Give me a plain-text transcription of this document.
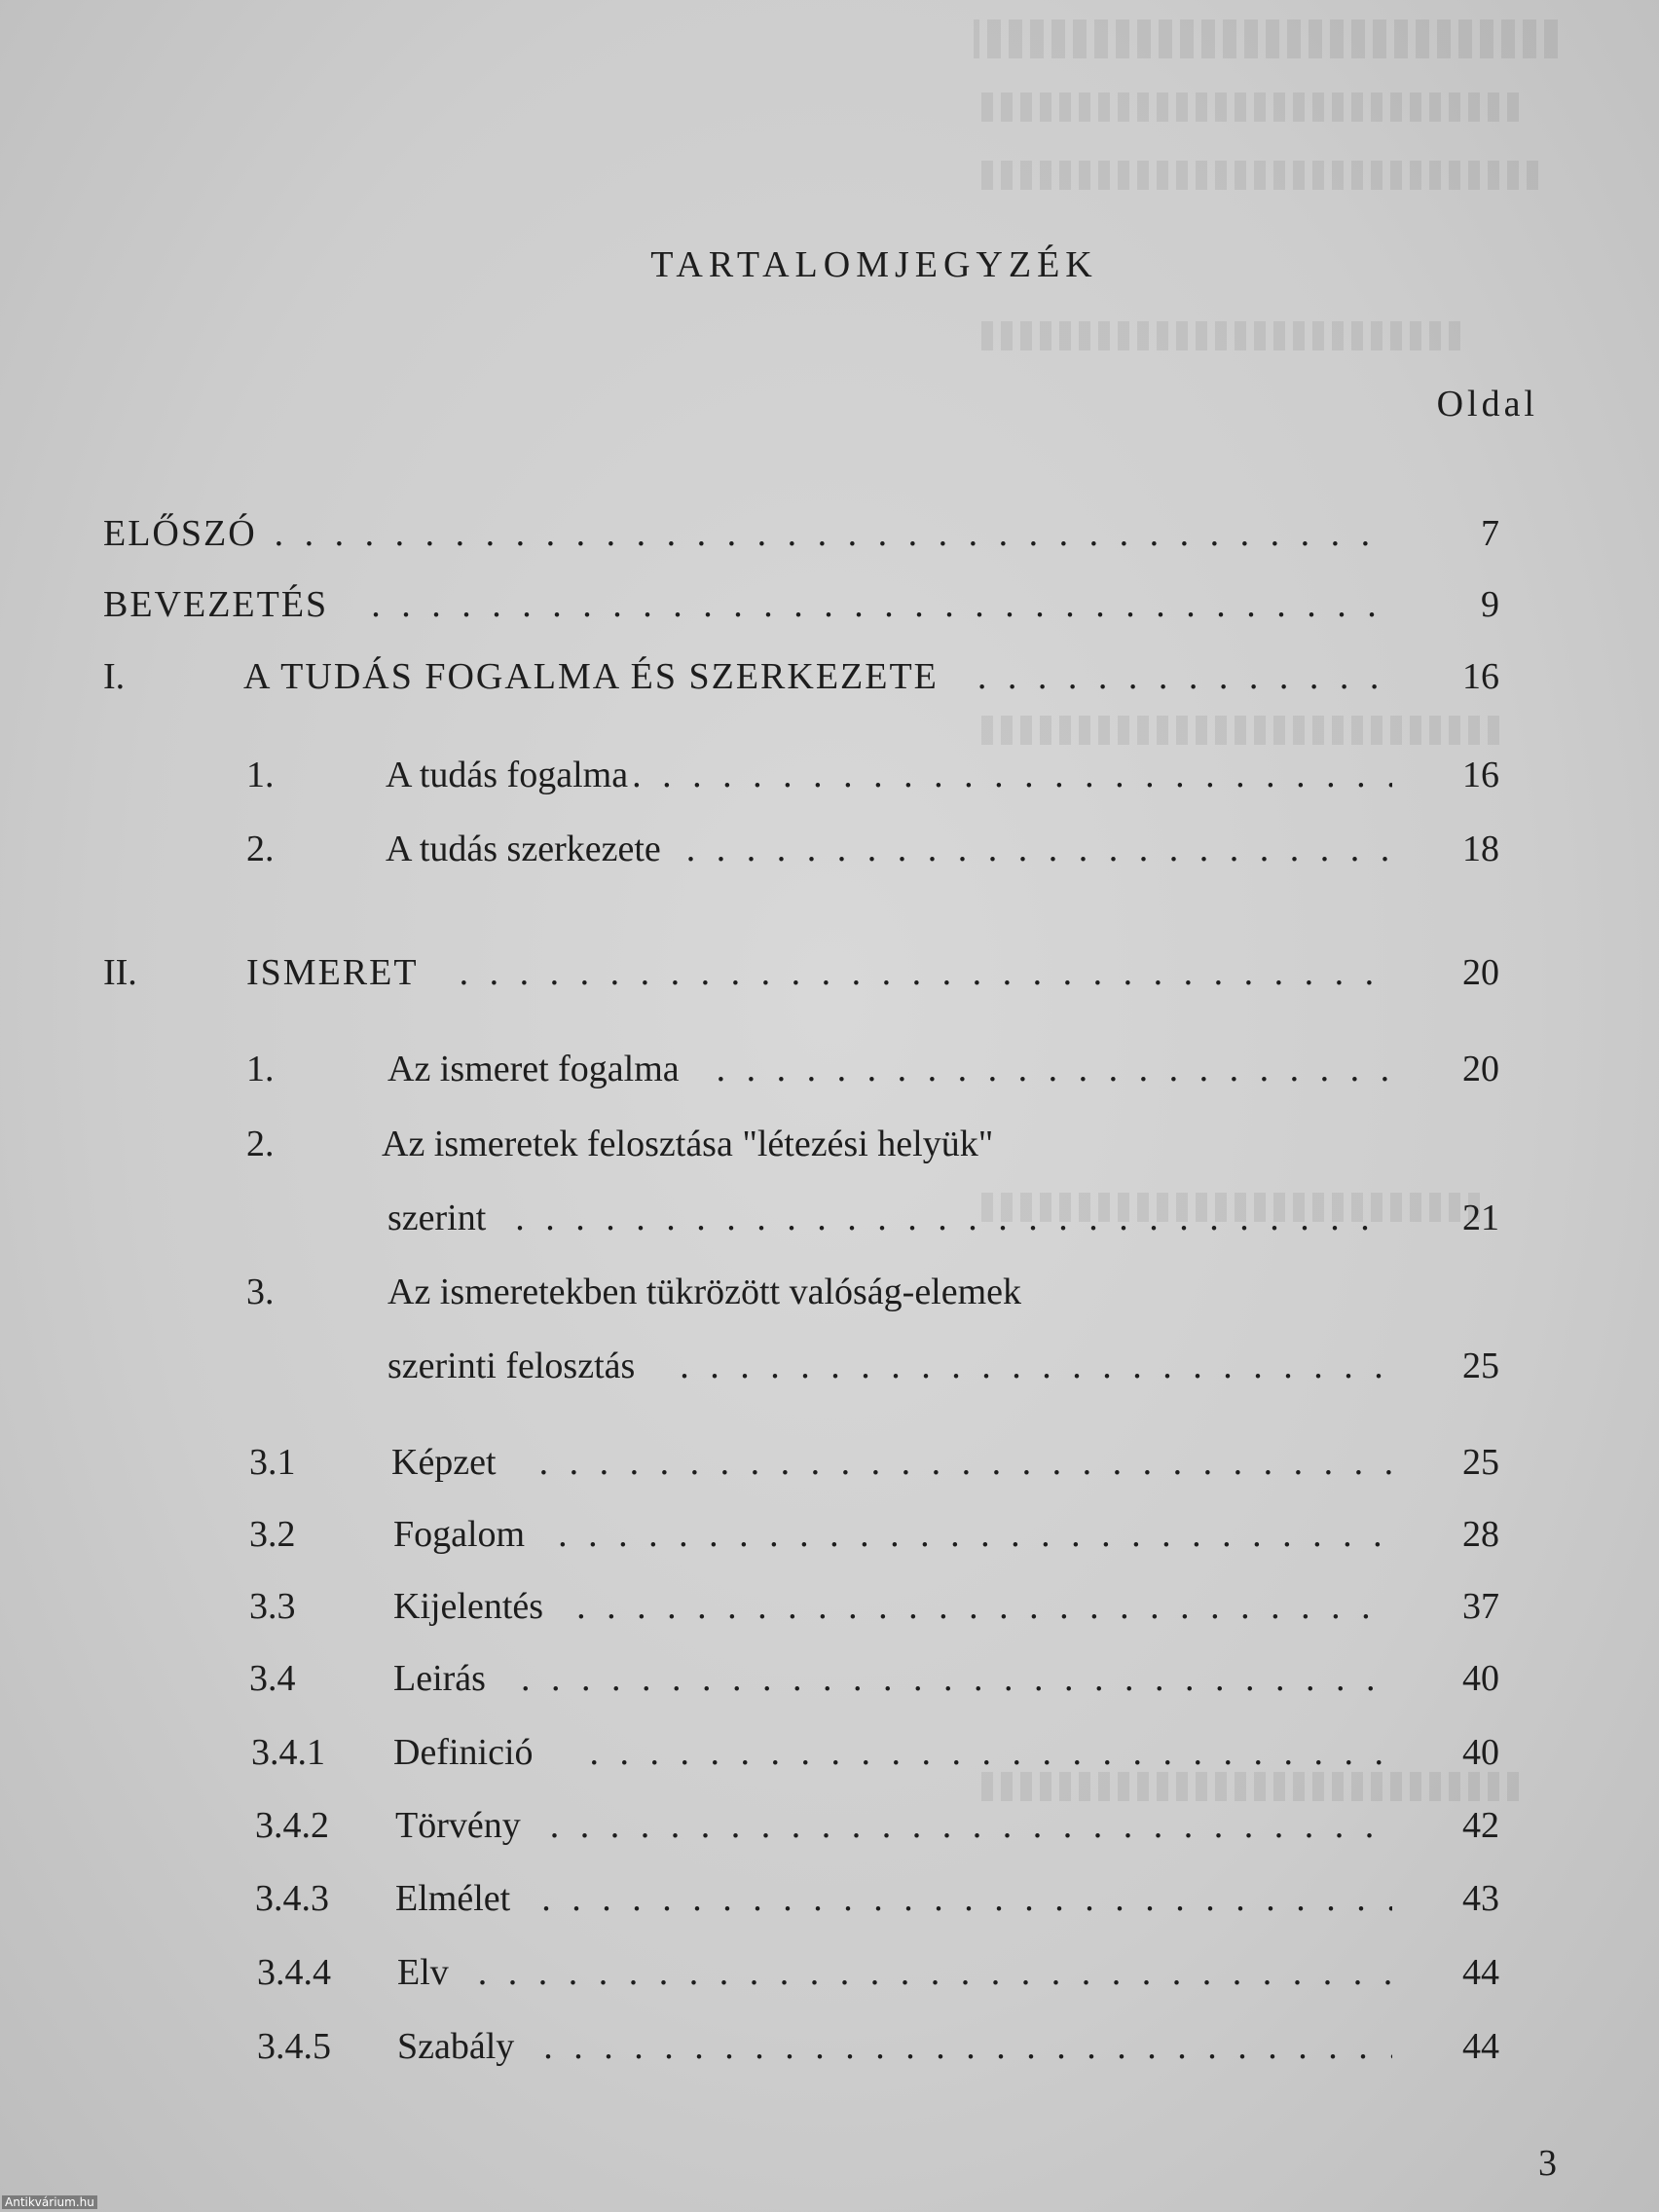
TARTALOMJEGYZÉK
Oldal
ELŐSZÓ . . .	7
BEVEZETÉS . . .	9
I.	A TUDÁS FOGALMA ÉS SZERKEZETE . . .	16
1.	A tudás fogalma . . .	16
2.	A tudás szerkezete . . .	18
II.	ISMERET . . .	20
1.	Az ismeret fogalma . . .	20
2.	Az ismeretek felosztása "létezési helyük"
szerint . . .	21
3.	Az ismeretekben tükrözött valóság-elemek
szerinti felosztás . . .	25
3.1	Képzet . . .	25
3.2	Fogalom . . .	28
3.3	Kijelentés . . .	37
3.4	Leirás . . .	40
3.4.1 Definició . . .	40
3.4.2 Törvény . . .	42
3.4.3 Elmélet . . .	43
3.4.4 Elv . . .	44
3.4.5 Szabály . . .	44
3
Antikvárium.hu
